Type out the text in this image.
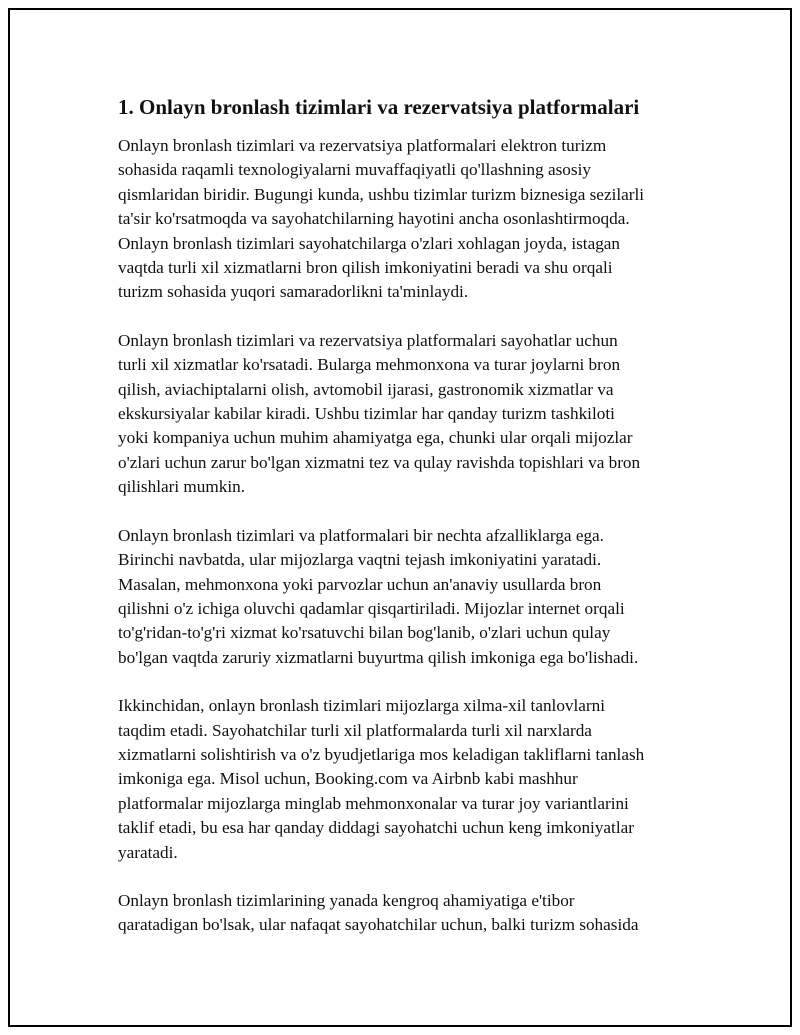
1. Onlayn bronlash tizimlari va rezervatsiya platformalari
Onlayn bronlash tizimlari va rezervatsiya platformalari elektron turizm
sohasida raqamli texnologiyalarni muvaffaqiyatli qo'llashning asosiy
qismlaridan biridir. Bugungi kunda, ushbu tizimlar turizm biznesiga sezilarli
ta'sir ko'rsatmoqda va sayohatchilarning hayotini ancha osonlashtirmoqda.
Onlayn bronlash tizimlari sayohatchilarga o'zlari xohlagan joyda, istagan
vaqtda turli xil xizmatlarni bron qilish imkoniyatini beradi va shu orqali
turizm sohasida yuqori samaradorlikni ta'minlaydi.
Onlayn bronlash tizimlari va rezervatsiya platformalari sayohatlar uchun
turli xil xizmatlar ko'rsatadi. Bularga mehmonxona va turar joylarni bron
qilish, aviachiptalarni olish, avtomobil ijarasi, gastronomik xizmatlar va
ekskursiyalar kabilar kiradi. Ushbu tizimlar har qanday turizm tashkiloti
yoki kompaniya uchun muhim ahamiyatga ega, chunki ular orqali mijozlar
o'zlari uchun zarur bo'lgan xizmatni tez va qulay ravishda topishlari va bron
qilishlari mumkin.
Onlayn bronlash tizimlari va platformalari bir nechta afzalliklarga ega.
Birinchi navbatda, ular mijozlarga vaqtni tejash imkoniyatini yaratadi.
Masalan, mehmonxona yoki parvozlar uchun an'anaviy usullarda bron
qilishni o'z ichiga oluvchi qadamlar qisqartiriladi. Mijozlar internet orqali
to'g'ridan-to'g'ri xizmat ko'rsatuvchi bilan bog'lanib, o'zlari uchun qulay
bo'lgan vaqtda zaruriy xizmatlarni buyurtma qilish imkoniga ega bo'lishadi.
Ikkinchidan, onlayn bronlash tizimlari mijozlarga xilma-xil tanlovlarni
taqdim etadi. Sayohatchilar turli xil platformalarda turli xil narxlarda
xizmatlarni solishtirish va o'z byudjetlariga mos keladigan takliflarni tanlash
imkoniga ega. Misol uchun, Booking.com va Airbnb kabi mashhur
platformalar mijozlarga minglab mehmonxonalar va turar joy variantlarini
taklif etadi, bu esa har qanday diddagi sayohatchi uchun keng imkoniyatlar
yaratadi.
Onlayn bronlash tizimlarining yanada kengroq ahamiyatiga e'tibor
qaratadigan bo'lsak, ular nafaqat sayohatchilar uchun, balki turizm sohasida
